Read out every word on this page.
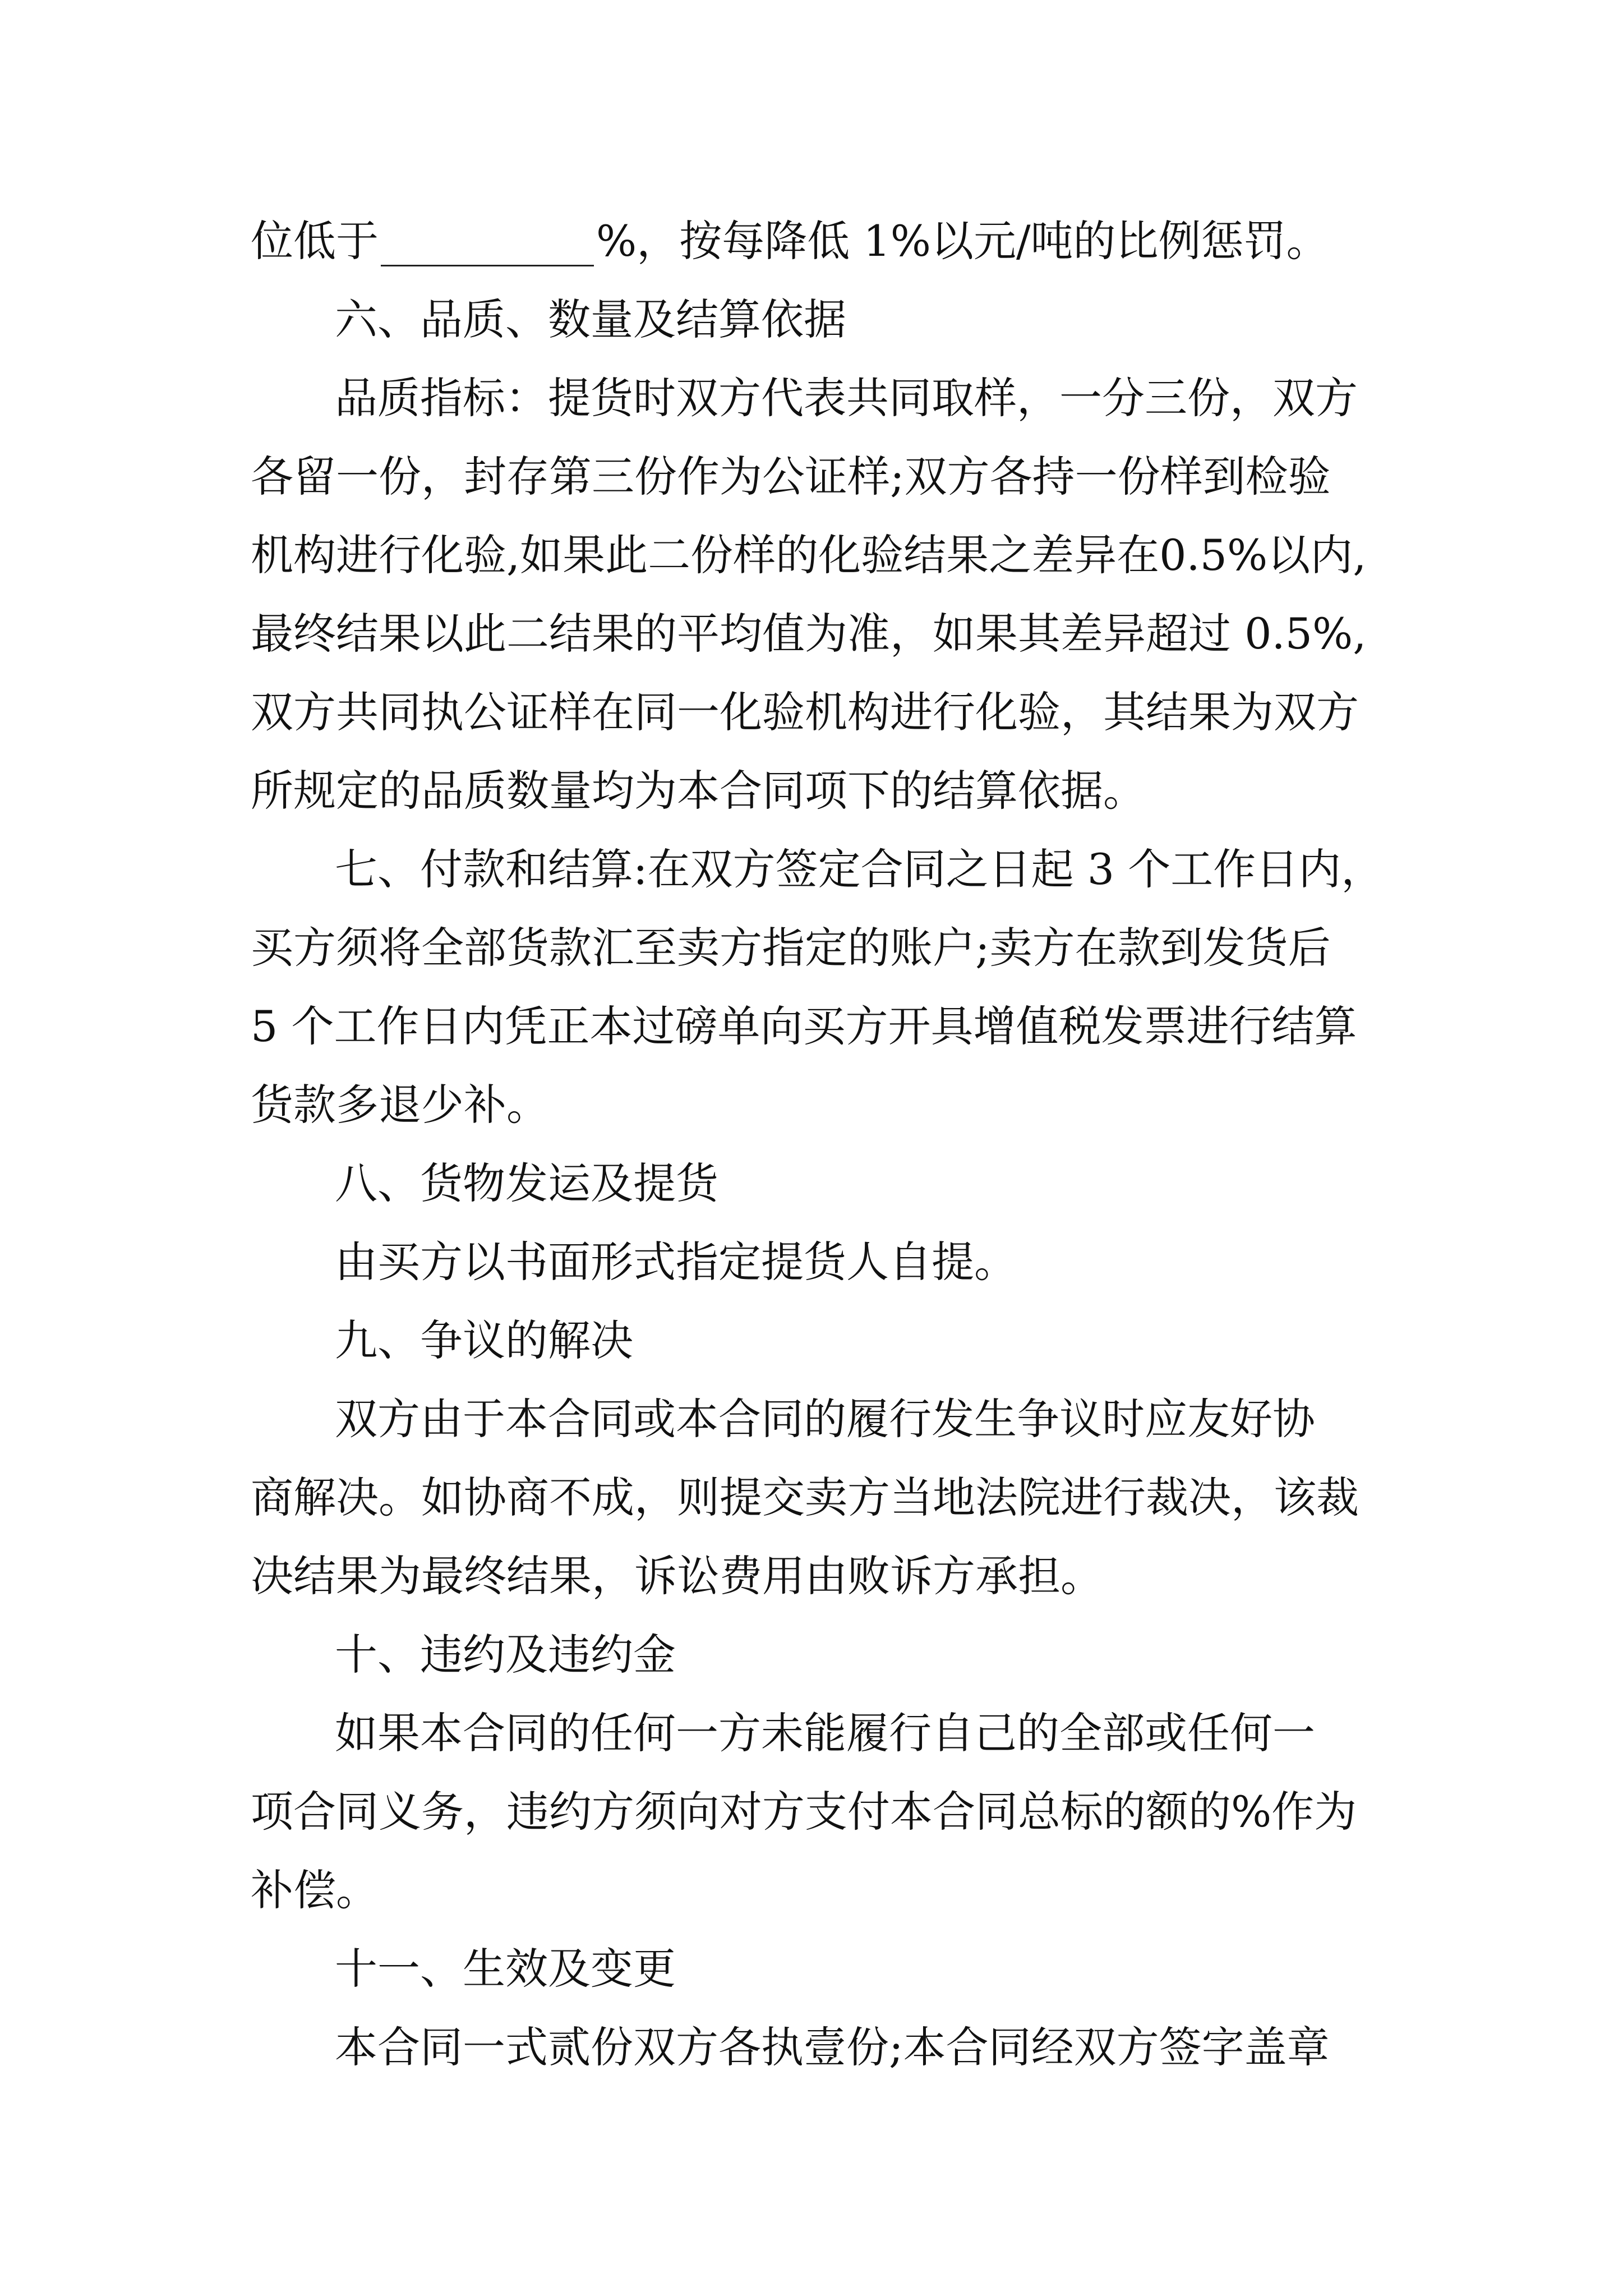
位低于	%，按每降低 1%以元/吨的比例惩罚。
六、品质、数量及结算依据
品质指标：提货时双方代表共同取样，一分三份，双方
各留一份，封存第三份作为公证样;双方各持一份样到检验
机构进行化验,如果此二份样的化验结果之差异在0.5%以内,
最终结果以此二结果的平均值为准，如果其差异超过 0.5%,
双方共同执公证样在同一化验机构进行化验，其结果为双方
所规定的品质数量均为本合同项下的结算依据。
七、付款和结算:在双方签定合同之日起 3 个工作日内，
买方须将全部货款汇至卖方指定的账户;卖方在款到发货后
5 个工作日内凭正本过磅单向买方开具增值税发票进行结算
货款多退少补。
八、货物发运及提货
由买方以书面形式指定提货人自提。
九、争议的解决
双方由于本合同或本合同的履行发生争议时应友好协
商解决。如协商不成，则提交卖方当地法院进行裁决，该裁
决结果为最终结果，诉讼费用由败诉方承担。
十、违约及违约金
如果本合同的任何一方未能履行自己的全部或任何一
项合同义务，违约方须向对方支付本合同总标的额的%作为
补偿。
十一、生效及变更
本合同一式贰份双方各执壹份;本合同经双方签字盖章
